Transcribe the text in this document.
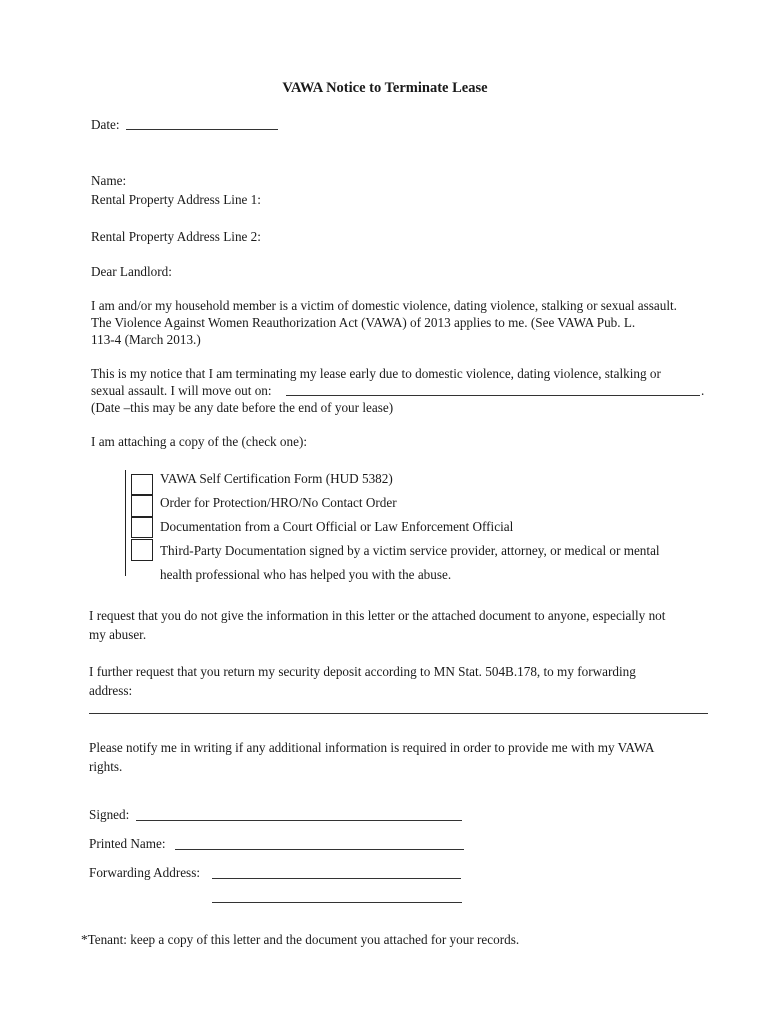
VAWA Notice to Terminate Lease
Date:
Name:
Rental Property Address Line 1:
Rental Property Address Line 2:
Dear Landlord:
I am and/or my household member is a victim of domestic violence, dating violence, stalking or sexual assault.
The Violence Against Women Reauthorization Act (VAWA) of 2013 applies to me. (See VAWA Pub. L.
113-4 (March 2013.)
This is my notice that I am terminating my lease early due to domestic violence, dating violence, stalking or
sexual assault. I will move out on:	.
(Date –this may be any date before the end of your lease)
I am attaching a copy of the (check one):
VAWA Self Certification Form (HUD 5382)
Order for Protection/HRO/No Contact Order
Documentation from a Court Official or Law Enforcement Official
Third-Party Documentation signed by a victim service provider, attorney, or medical or mental
health professional who has helped you with the abuse.
I request that you do not give the information in this letter or the attached document to anyone, especially not
my abuser.
I further request that you return my security deposit according to MN Stat. 504B.178, to my forwarding
address:
Please notify me in writing if any additional information is required in order to provide me with my VAWA
rights.
Signed:
Printed Name:
Forwarding Address:
*Tenant: keep a copy of this letter and the document you attached for your records.
